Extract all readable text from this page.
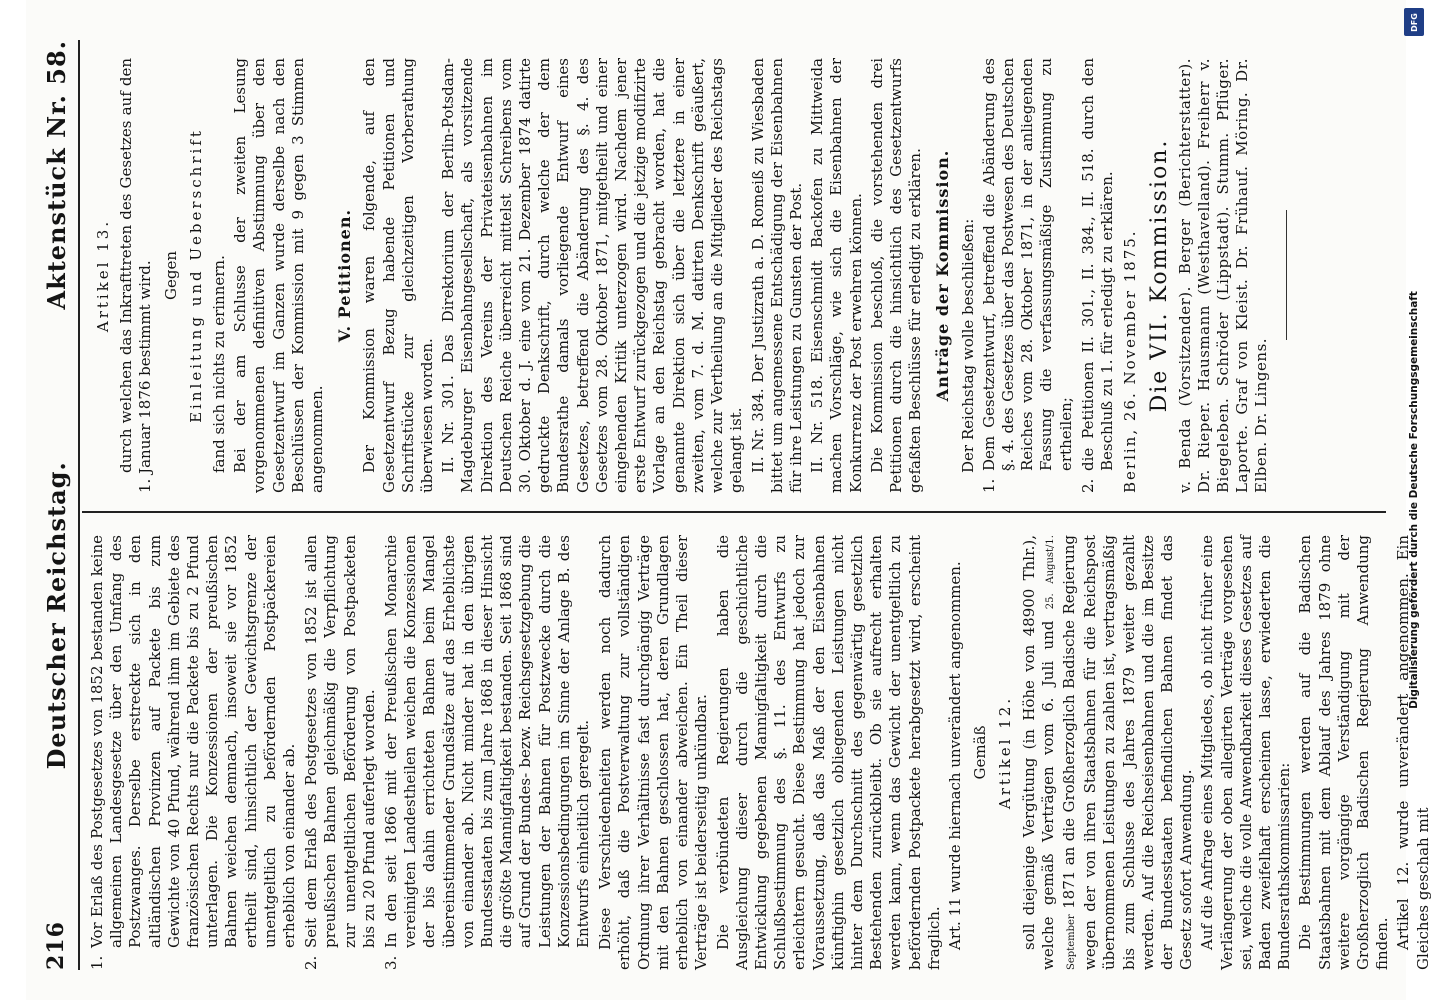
216
Deutscher Reichstag.
Aktenstück Nr. 58.
1.
Vor Erlaß des Postgesetzes von 1852 bestanden keine allgemeinen Landesgesetze über den Umfang des Postzwanges. Derselbe erstreckte sich in den altländischen Provinzen auf Packete bis zum Gewichte von 40 Pfund, während ihm im Gebiete des französischen Rechts nur die Packete bis zu 2 Pfund unterlagen. Die Konzessionen der preußischen Bahnen weichen demnach, insoweit sie vor 1852 ertheilt sind, hinsichtlich der Gewichtsgrenze der unentgeltlich zu befördernden Postpäckereien erheblich von einander ab.
2.
Seit dem Erlaß des Postgesetzes von 1852 ist allen preußischen Bahnen gleichmäßig die Verpflichtung zur unentgeltlichen Beförderung von Postpacketen bis zu 20 Pfund auferlegt worden.
3.
In den seit 1866 mit der Preußischen Monarchie vereinigten Landestheilen weichen die Konzessionen der bis dahin errichteten Bahnen beim Mangel übereinstimmender Grundsätze auf das Erheblichste von einander ab. Nicht minder hat in den übrigen Bundesstaaten bis zum Jahre 1868 in dieser Hinsicht die größte Mannigfaltigkeit bestanden. Seit 1868 sind auf Grund der Bundes- bezw. Reichsgesetzgebung die Leistungen der Bahnen für Postzwecke durch die Konzessionsbedingungen im Sinne der Anlage B. des Entwurfs einheitlich geregelt. Diese Verschiedenheiten werden noch dadurch erhöht, daß die Postverwaltung zur vollständigen Ordnung ihrer Verhältnisse fast durchgängig Verträge mit den Bahnen geschlossen hat, deren Grundlagen erheblich von einander abweichen. Ein Theil dieser Verträge ist beiderseitig unkündbar. Die verbündeten Regierungen haben die Ausgleichung dieser durch die geschichtliche Entwicklung gegebenen Mannigfaltigkeit durch die Schlußbestimmung des §. 11. des Entwurfs zu erleichtern gesucht. Diese Bestimmung hat jedoch zur Voraussetzung, daß das Maß der den Eisenbahnen künftighin gesetzlich obliegenden Leistungen nicht hinter dem Durchschnitt des gegenwärtig gesetzlich Bestehenden zurückbleibt. Ob sie aufrecht erhalten werden kann, wenn das Gewicht der unentgeltlich zu befördernden Postpackete herabgesetzt wird, erscheint fraglich. Art. 11 wurde hiernach unverändert angenommen. Gemäß Artikel 12. soll diejenige Vergütung (in Höhe von 48900 Thlr.), welche gemäß Verträgen vom 6. Juli und 25. August/1. September 1871 an die Großherzoglich Badische Regierung wegen der von ihren Staatsbahnen für die Reichspost übernommenen Leistungen zu zahlen ist, vertragsmäßig bis zum Schlusse des Jahres 1879 weiter gezahlt werden. Auf die Reichseisenbahnen und die im Besitze der Bundesstaaten befindlichen Bahnen findet das Gesetz sofort Anwendung. Auf die Anfrage eines Mitgliedes, ob nicht früher eine Verlängerung der oben allegirten Verträge vorgesehen sei, welche die volle Anwendbarkeit dieses Gesetzes auf Baden zweifelhaft erscheinen lasse, erwiederten die Bundesrathskommissarien: Die Bestimmungen werden auf die Badischen Staatsbahnen mit dem Ablauf des Jahres 1879 ohne weitere vorgängige Verständigung mit der Großherzoglich Badischen Regierung Anwendung finden. Artikel 12. wurde unverändert angenommen. Ein Gleiches geschah mit

Artikel 13. durch welchen das Inkrafttreten des Gesetzes auf den 1. Januar 1876 bestimmt wird. Gegen Einleitung und Ueberschrift fand sich nichts zu erinnern. Bei der am Schlusse der zweiten Lesung vorgenommenen definitiven Abstimmung über den Gesetzentwurf im Ganzen wurde derselbe nach den Beschlüssen der Kommission mit 9 gegen 3 Stimmen angenommen.

V. Petitionen. Der Kommission waren folgende, auf den Gesetzentwurf Bezug habende Petitionen und Schriftstücke zur gleichzeitigen Vorberathung überwiesen worden. II. Nr. 301. Das Direktorium der Berlin-Potsdam-Magdeburger Eisenbahngesellschaft, als vorsitzende Direktion des Vereins der Privateisenbahnen im Deutschen Reiche überreicht mittelst Schreibens vom 30. Oktober d. J. eine vom 21. Dezember 1874 datirte gedruckte Denkschrift, durch welche der dem Bundesrathe damals vorliegende Entwurf eines Gesetzes, betreffend die Abänderung des §. 4. des Gesetzes vom 28. Oktober 1871, mitgetheilt und einer eingehenden Kritik unterzogen wird. Nachdem jener erste Entwurf zurückgezogen und die jetzige modifizirte Vorlage an den Reichstag gebracht worden, hat die genannte Direktion sich über die letztere in einer zweiten, vom 7. d. M. datirten Denkschrift geäußert, welche zur Vertheilung an die Mitglieder des Reichstags gelangt ist. II. Nr. 384. Der Justizrath a. D. Romeiß zu Wiesbaden bittet um angemessene Entschädigung der Eisenbahnen für ihre Leistungen zu Gunsten der Post. II. Nr. 518. Eisenschmidt Backofen zu Mittweida machen Vorschläge, wie sich die Eisenbahnen der Konkurrenz der Post erwehren können. Die Kommission beschloß, die vorstehenden drei Petitionen durch die hinsichtlich des Gesetzentwurfs gefaßten Beschlüsse für erledigt zu erklären. Anträge der Kommission. Der Reichstag wolle beschließen:

1.
Dem Gesetzentwurf, betreffend die Abänderung des §. 4. des Gesetzes über das Postwesen des Deutschen Reiches vom 28. Oktober 1871, in der anliegenden Fassung die verfassungsmäßige Zustimmung zu ertheilen;
2.
die Petitionen II. 301., II. 384., II. 518. durch den Beschluß zu 1. für erledigt zu erklären. Berlin, 26. November 1875. Die VII. Kommission. v. Benda (Vorsitzender). Berger (Berichterstatter). Dr. Rieper. Hausmann (Westhavelland). Freiherr v. Biegeleben. Schröder (Lippstadt). Stumm. Pflüger. Laporte. Graf von Kleist. Dr. Frühauf. Möring. Dr. Elben. Dr. Lingens.

DFG
Digitalisierung gefördert durch die Deutsche Forschungsgemeinschaft
